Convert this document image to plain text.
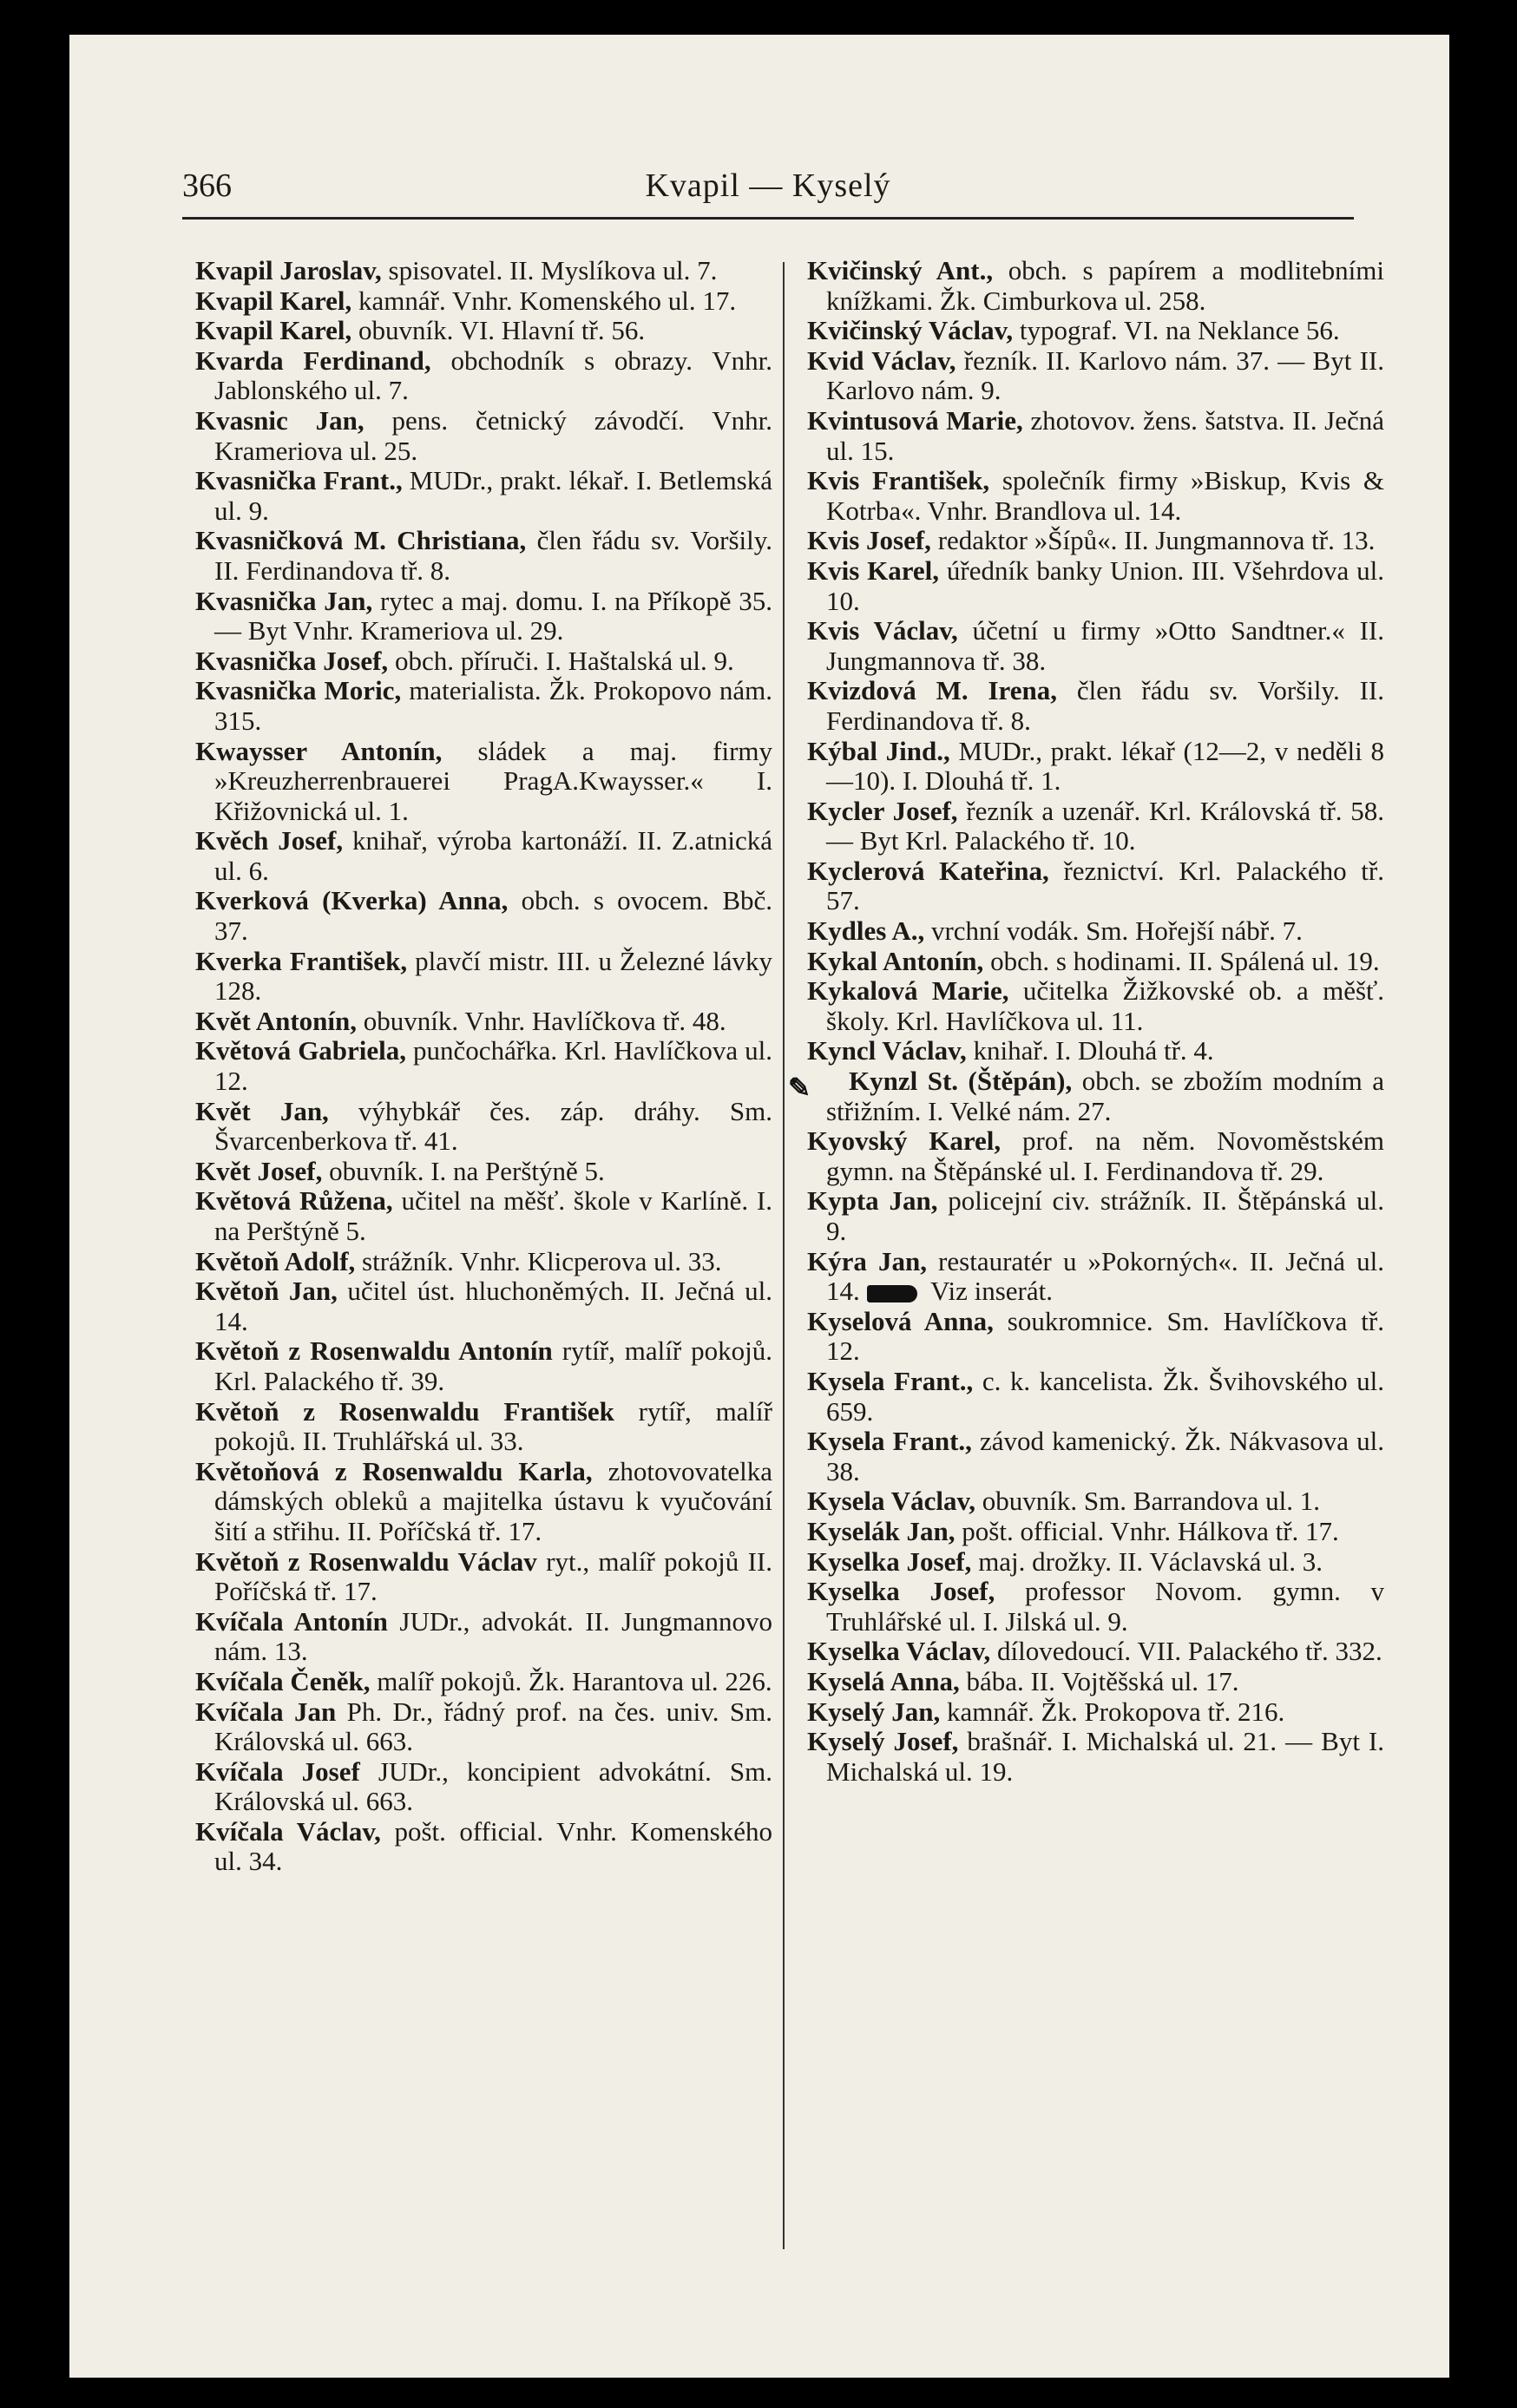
366	Kvapil — Kyselý
Kvapil Jaroslav, spisovatel. II. Myslíkova ul. 7.
Kvapil Karel, kamnář. Vnhr. Komenského ul. 17.
Kvapil Karel, obuvník. VI. Hlavní tř. 56.
Kvarda Ferdinand, obchodník s obrazy. Vnhr. Jablonského ul. 7.
Kvasnic Jan, pens. četnický závodčí. Vnhr. Krameriova ul. 25.
Kvasnička Frant., MUDr., prakt. lékař. I. Betlemská ul. 9.
Kvasničková M. Christiana, člen řádu sv. Voršily. II. Ferdinandova tř. 8.
Kvasnička Jan, rytec a maj. domu. I. na Příkopě 35. — Byt Vnhr. Krameriova ul. 29.
Kvasnička Josef, obch. příruči. I. Haštalská ul. 9.
Kvasnička Moric, materialista. Žk. Prokopovo nám. 315.
Kwaysser Antonín, sládek a maj. firmy »Kreuzherrenbrauerei PragA.Kwaysser.« I. Křižovnická ul. 1.
Kvěch Josef, knihař, výroba kartonáží. II. Z.atnická ul. 6.
Kverková (Kverka) Anna, obch. s ovocem. Bbč. 37.
Kverka František, plavčí mistr. III. u Železné lávky 128.
Květ Antonín, obuvník. Vnhr. Havlíčkova tř. 48.
Květová Gabriela, punčochářka. Krl. Havlíčkova ul. 12.
Květ Jan, výhybkář čes. záp. dráhy. Sm. Švarcenberkova tř. 41.
Květ Josef, obuvník. I. na Perštýně 5.
Květová Růžena, učitel na měšť. škole v Karlíně. I. na Perštýně 5.
Květoň Adolf, strážník. Vnhr. Klicperova ul. 33.
Květoň Jan, učitel úst. hluchoněmých. II. Ječná ul. 14.
Květoň z Rosenwaldu Antonín rytíř, malíř pokojů. Krl. Palackého tř. 39.
Květoň z Rosenwaldu František rytíř, malíř pokojů. II. Truhlářská ul. 33.
Květoňová z Rosenwaldu Karla, zhotovovatelka dámských obleků a majitelka ústavu k vyučování šití a střihu. II. Poříčská tř. 17.
Květoň z Rosenwaldu Václav ryt., malíř pokojů II. Poříčská tř. 17.
Kvíčala Antonín JUDr., advokát. II. Jungmannovo nám. 13.
Kvíčala Čeněk, malíř pokojů. Žk. Harantova ul. 226.
Kvíčala Jan Ph. Dr., řádný prof. na čes. univ. Sm. Královská ul. 663.
Kvíčala Josef JUDr., koncipient advokátní. Sm. Královská ul. 663.
Kvíčala Václav, pošt. official. Vnhr. Komenského ul. 34.
Kvičinský Ant., obch. s papírem a modlitebními knížkami. Žk. Cimburkova ul. 258.
Kvičinský Václav, typograf. VI. na Neklance 56.
Kvid Václav, řezník. II. Karlovo nám. 37. — Byt II. Karlovo nám. 9.
Kvintusová Marie, zhotovov. žens. šatstva. II. Ječná ul. 15.
Kvis František, společník firmy »Biskup, Kvis & Kotrba«. Vnhr. Brandlova ul. 14.
Kvis Josef, redaktor »Šípů«. II. Jungmannova tř. 13.
Kvis Karel, úředník banky Union. III. Všehrdova ul. 10.
Kvis Václav, účetní u firmy »Otto Sandtner.« II. Jungmannova tř. 38.
Kvizdová M. Irena, člen řádu sv. Voršily. II. Ferdinandova tř. 8.
Kýbal Jind., MUDr., prakt. lékař (12—2, v neděli 8—10). I. Dlouhá tř. 1.
Kycler Josef, řezník a uzenář. Krl. Královská tř. 58. — Byt Krl. Palackého tř. 10.
Kyclerová Kateřina, řeznictví. Krl. Palackého tř. 57.
Kydles A., vrchní vodák. Sm. Hořejší nábř. 7.
Kykal Antonín, obch. s hodinami. II. Spálená ul. 19.
Kykalová Marie, učitelka Žižkovské ob. a měšť. školy. Krl. Havlíčkova ul. 11.
Kyncl Václav, knihař. I. Dlouhá tř. 4.
✎ Kynzl St. (Štěpán), obch. se zbožím modním a střižním. I. Velké nám. 27.
Kyovský Karel, prof. na něm. Novoměstském gymn. na Štěpánské ul. I. Ferdinandova tř. 29.
Kypta Jan, policejní civ. strážník. II. Štěpánská ul. 9.
Kýra Jan, restauratér u »Pokorných«. II. Ječná ul. 14. Viz inserát.
Kyselová Anna, soukromnice. Sm. Havlíčkova tř. 12.
Kysela Frant., c. k. kancelista. Žk. Švihovského ul. 659.
Kysela Frant., závod kamenický. Žk. Nákvasova ul. 38.
Kysela Václav, obuvník. Sm. Barrandova ul. 1.
Kyselák Jan, pošt. official. Vnhr. Hálkova tř. 17.
Kyselka Josef, maj. drožky. II. Václavská ul. 3.
Kyselka Josef, professor Novom. gymn. v Truhlářské ul. I. Jilská ul. 9.
Kyselka Václav, dílovedoucí. VII. Palackého tř. 332.
Kyselá Anna, bába. II. Vojtěšská ul. 17.
Kyselý Jan, kamnář. Žk. Prokopova tř. 216.
Kyselý Josef, brašnář. I. Michalská ul. 21. — Byt I. Michalská ul. 19.
